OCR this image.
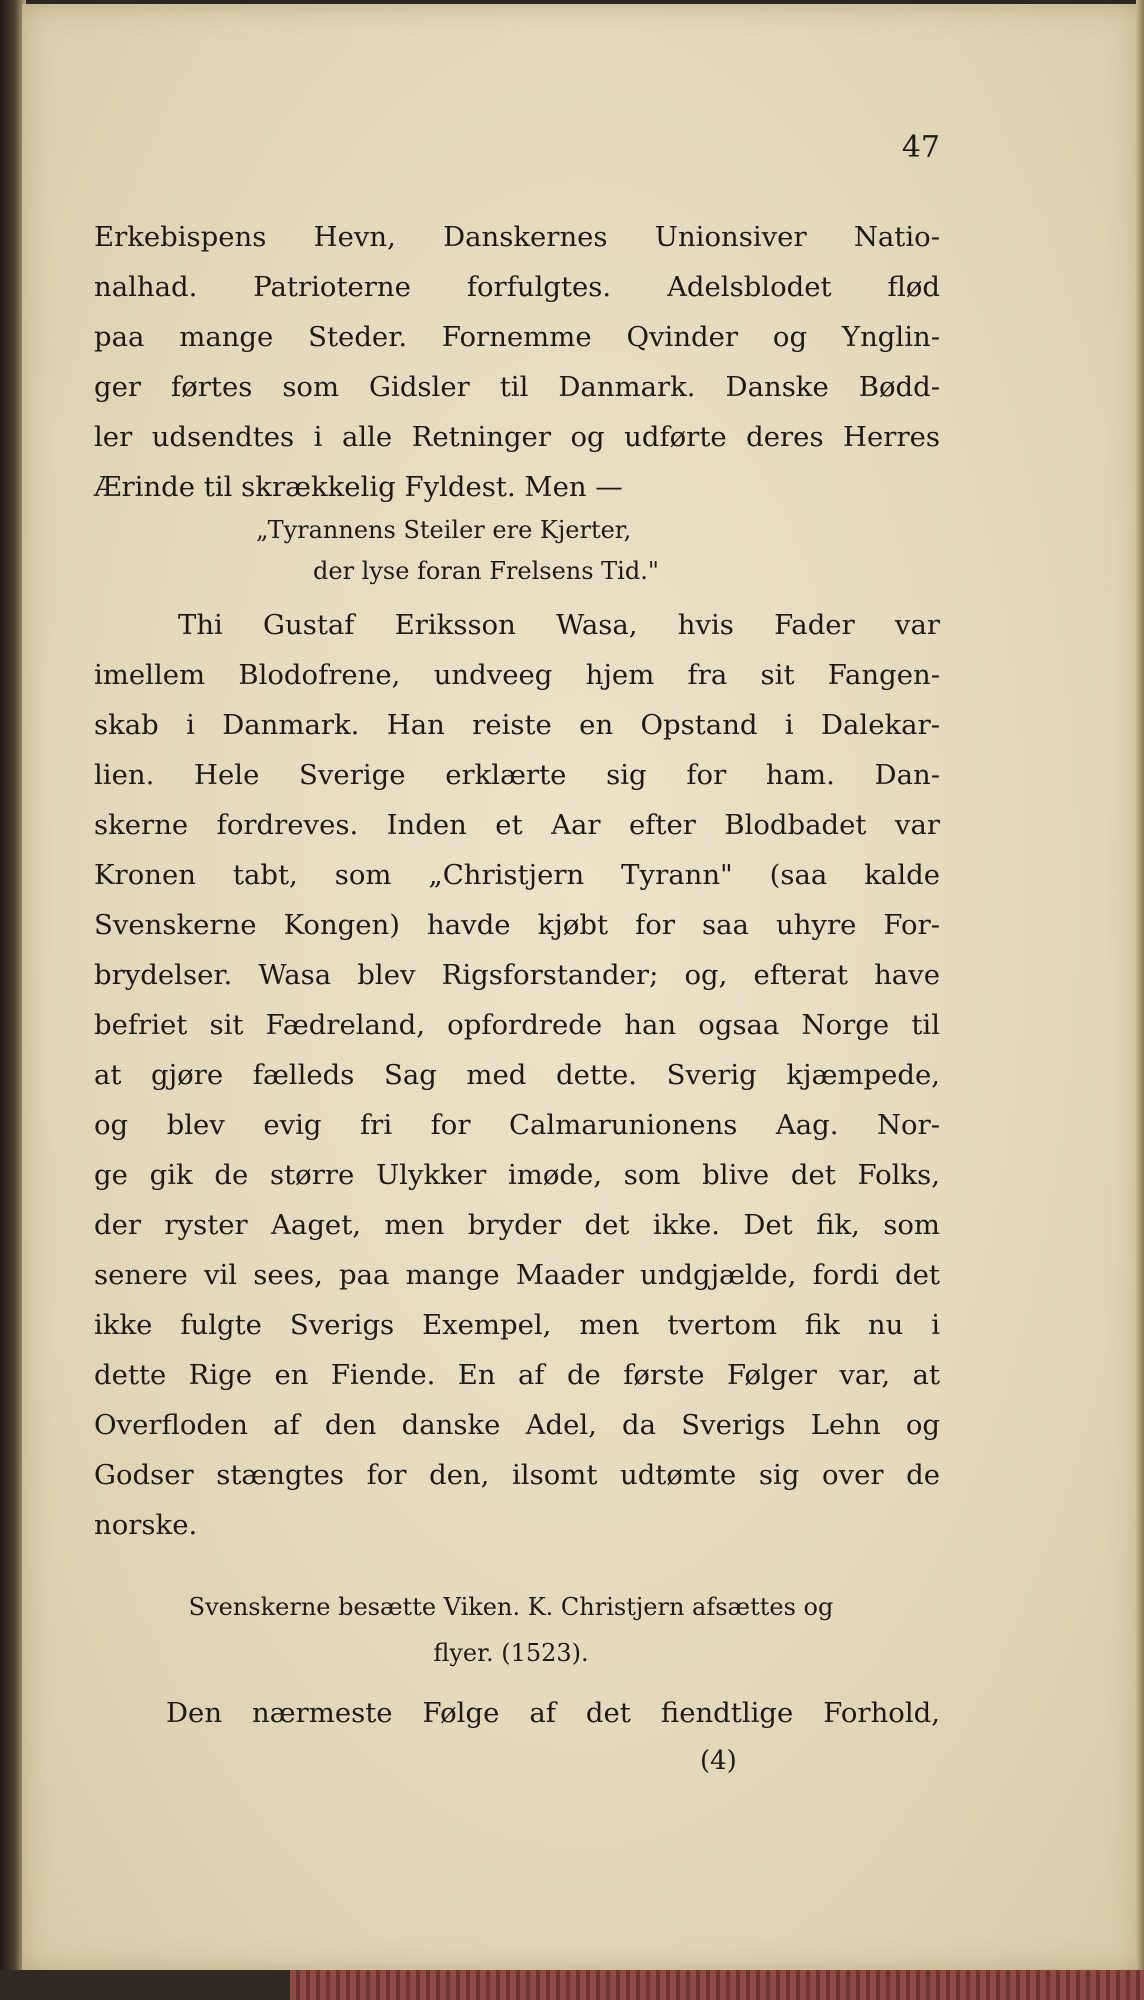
47

Erkebispens Hevn, Danskernes Unionsiver Natio-
nalhad. Patrioterne forfulgtes. Adelsblodet flød
paa mange Steder. Fornemme Qvinder og Ynglin-
ger førtes som Gidsler til Danmark. Danske Bødd-
ler udsendtes i alle Retninger og udførte deres Herres
Ærinde til skrækkelig Fyldest. Men —

„Tyrannens Steiler ere Kjerter,
der lyse foran Frelsens Tid."

Thi Gustaf Eriksson Wasa, hvis Fader var
imellem Blodofrene, undveeg hjem fra sit Fangen-
skab i Danmark. Han reiste en Opstand i Dalekar-
lien. Hele Sverige erklærte sig for ham. Dan-
skerne fordreves. Inden et Aar efter Blodbadet var
Kronen tabt, som „Christjern Tyrann" (saa kalde
Svenskerne Kongen) havde kjøbt for saa uhyre For-
brydelser. Wasa blev Rigsforstander; og, efterat have
befriet sit Fædreland, opfordrede han ogsaa Norge til
at gjøre fælleds Sag med dette. Sverig kjæmpede,
og blev evig fri for Calmarunionens Aag. Nor-
ge gik de større Ulykker imøde, som blive det Folks,
der ryster Aaget, men bryder det ikke. Det fik, som
senere vil sees, paa mange Maader undgjælde, fordi det
ikke fulgte Sverigs Exempel, men tvertom fik nu i
dette Rige en Fiende. En af de første Følger var, at
Overfloden af den danske Adel, da Sverigs Lehn og
Godser stængtes for den, ilsomt udtømte sig over de
norske.

Svenskerne besætte Viken. K. Christjern afsættes og
flyer. (1523).

Den nærmeste Følge af det fiendtlige Forhold,

(4)
